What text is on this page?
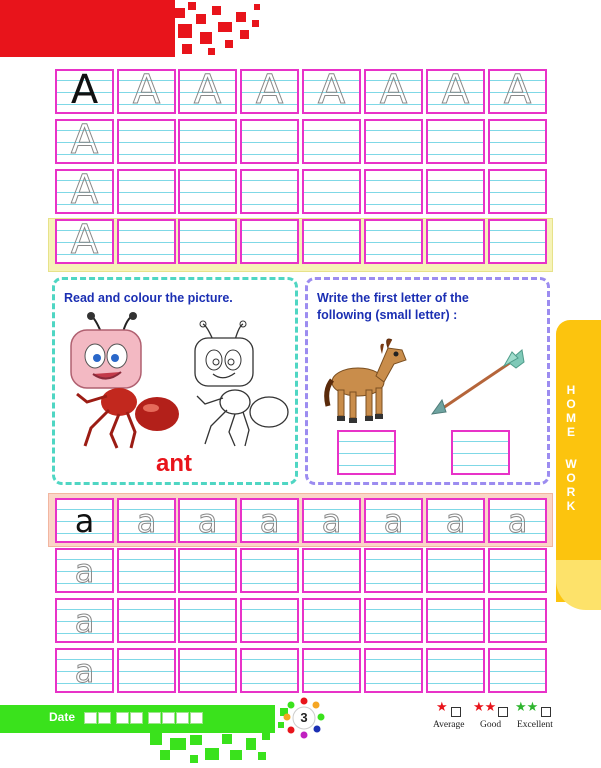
A A A A A A A A
A
A
A
Read and colour the picture.
ant
Write the first letter of the
following (small letter) :
a	a	a	a	a	a	a	a
a
a
a
H
O
M
E
W
O
R
K
Date	3
★
Average
★★
Good
★★
Excellent
